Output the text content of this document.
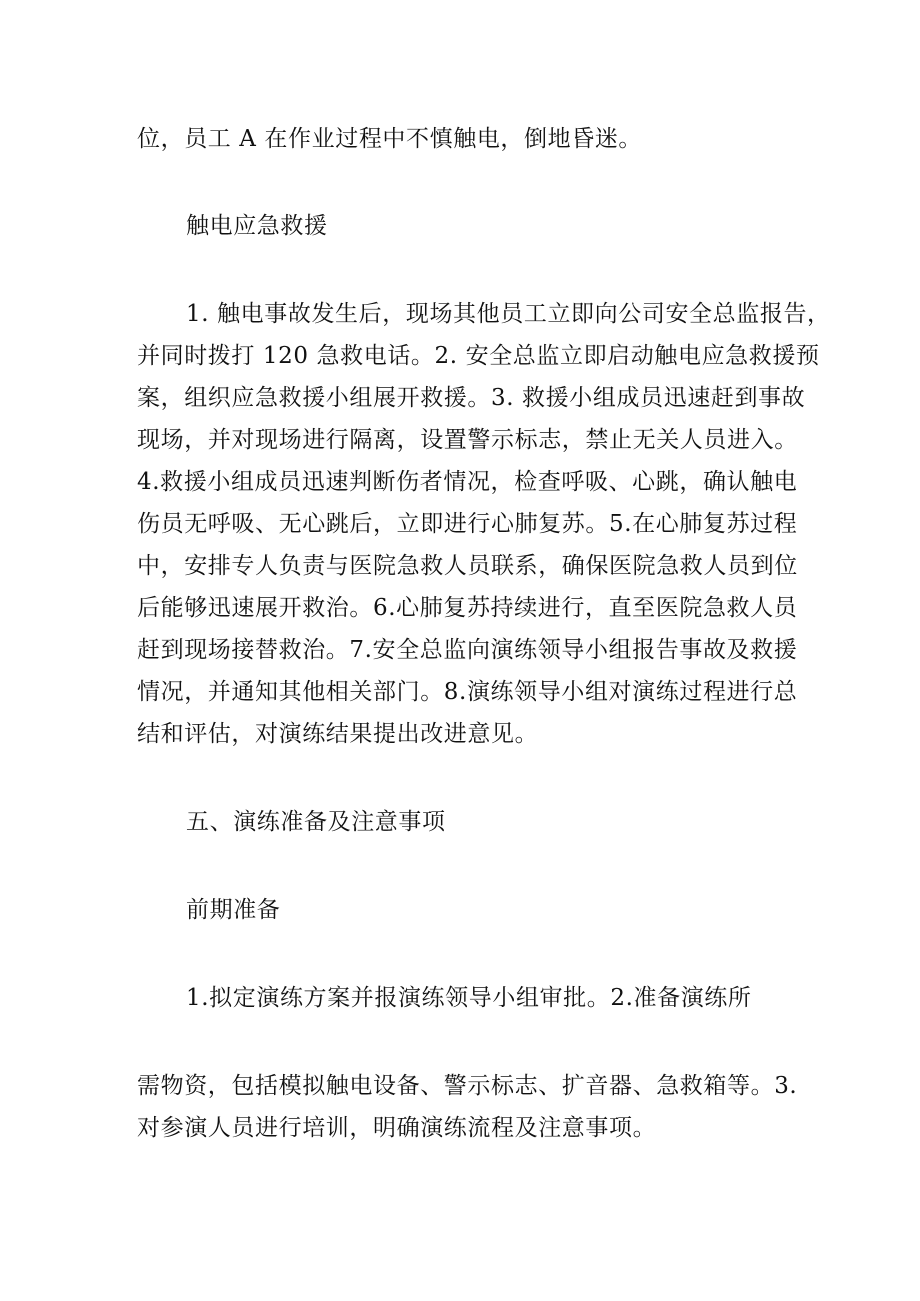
位，员工 A 在作业过程中不慎触电，倒地昏迷。
触电应急救援
1. 触电事故发生后，现场其他员工立即向公司安全总监报告，
并同时拨打 120 急救电话。2. 安全总监立即启动触电应急救援预
案，组织应急救援小组展开救援。3. 救援小组成员迅速赶到事故
现场，并对现场进行隔离，设置警示标志，禁止无关人员进入。
4.救援小组成员迅速判断伤者情况，检查呼吸、心跳，确认触电
伤员无呼吸、无心跳后，立即进行心肺复苏。5.在心肺复苏过程
中，安排专人负责与医院急救人员联系，确保医院急救人员到位
后能够迅速展开救治。6.心肺复苏持续进行，直至医院急救人员
赶到现场接替救治。7.安全总监向演练领导小组报告事故及救援
情况，并通知其他相关部门。8.演练领导小组对演练过程进行总
结和评估，对演练结果提出改进意见。
五、演练准备及注意事项
前期准备
1.拟定演练方案并报演练领导小组审批。2.准备演练所
需物资，包括模拟触电设备、警示标志、扩音器、急救箱等。3.
对参演人员进行培训，明确演练流程及注意事项。
